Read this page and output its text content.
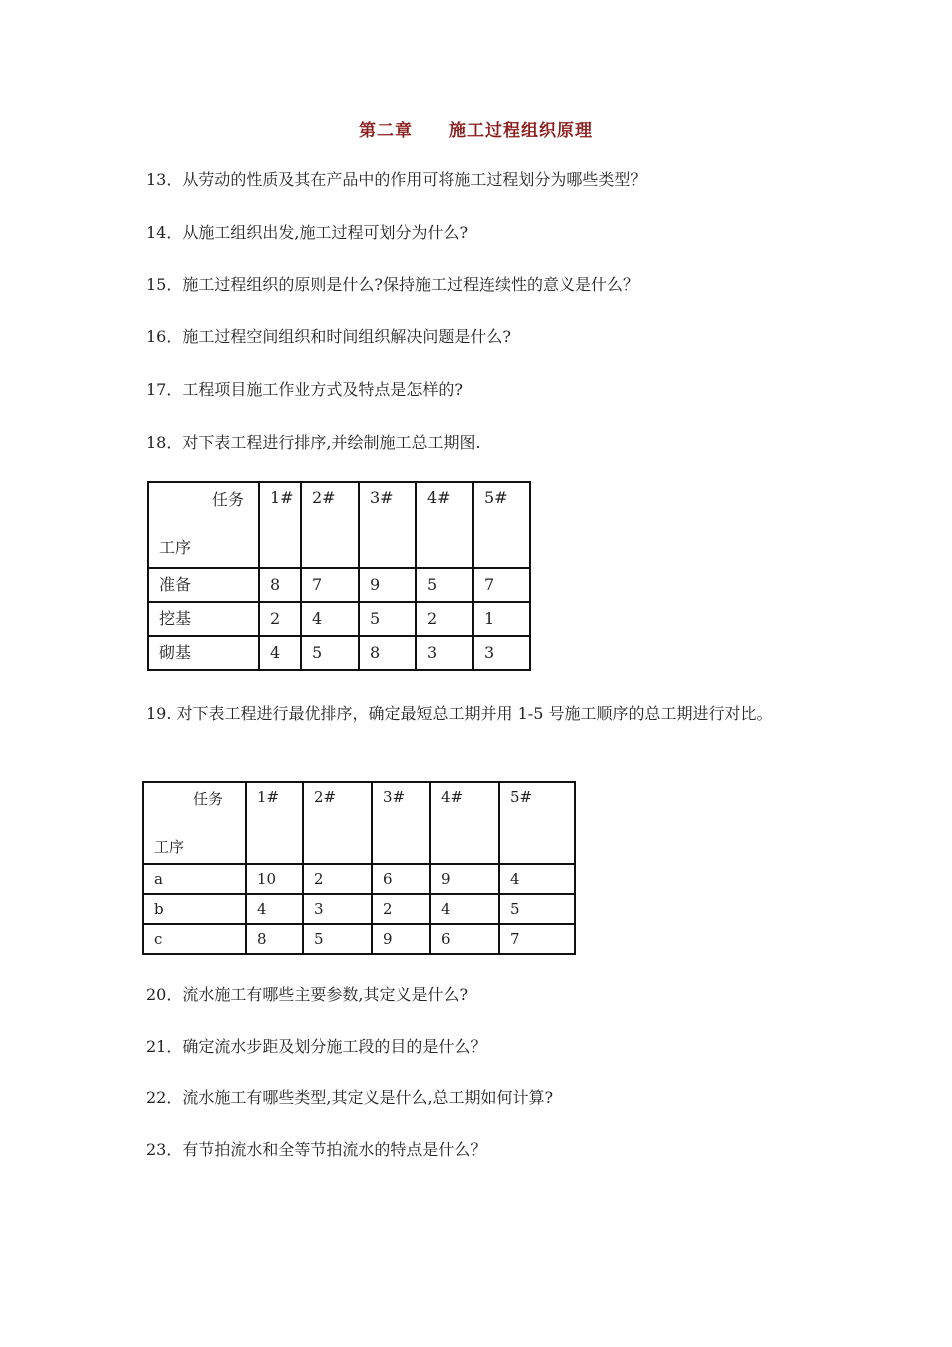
第二章 施工过程组织原理
13．从劳动的性质及其在产品中的作用可将施工过程划分为哪些类型？
14．从施工组织出发,施工过程可划分为什么?
15．施工过程组织的原则是什么?保持施工过程连续性的意义是什么？
16．施工过程空间组织和时间组织解决问题是什么?
17．工程项目施工作业方式及特点是怎样的?
18．对下表工程进行排序,并绘制施工总工期图.
任务
工序	1#	2#	3#	4#	5#
准备	8	7	9	5	7
挖基	2	4	5	2	1
砌基	4	5	8	3	3
19. 对下表工程进行最优排序，确定最短总工期并用 1-5 号施工顺序的总工期进行对比。
任务
工序	1#	2#	3#	4#	5#
a	10	2	6	9	4
b	4	3	2	4	5
c	8	5	9	6	7
20．流水施工有哪些主要参数,其定义是什么?
21．确定流水步距及划分施工段的目的是什么？
22．流水施工有哪些类型,其定义是什么,总工期如何计算?
23．有节拍流水和全等节拍流水的特点是什么？
